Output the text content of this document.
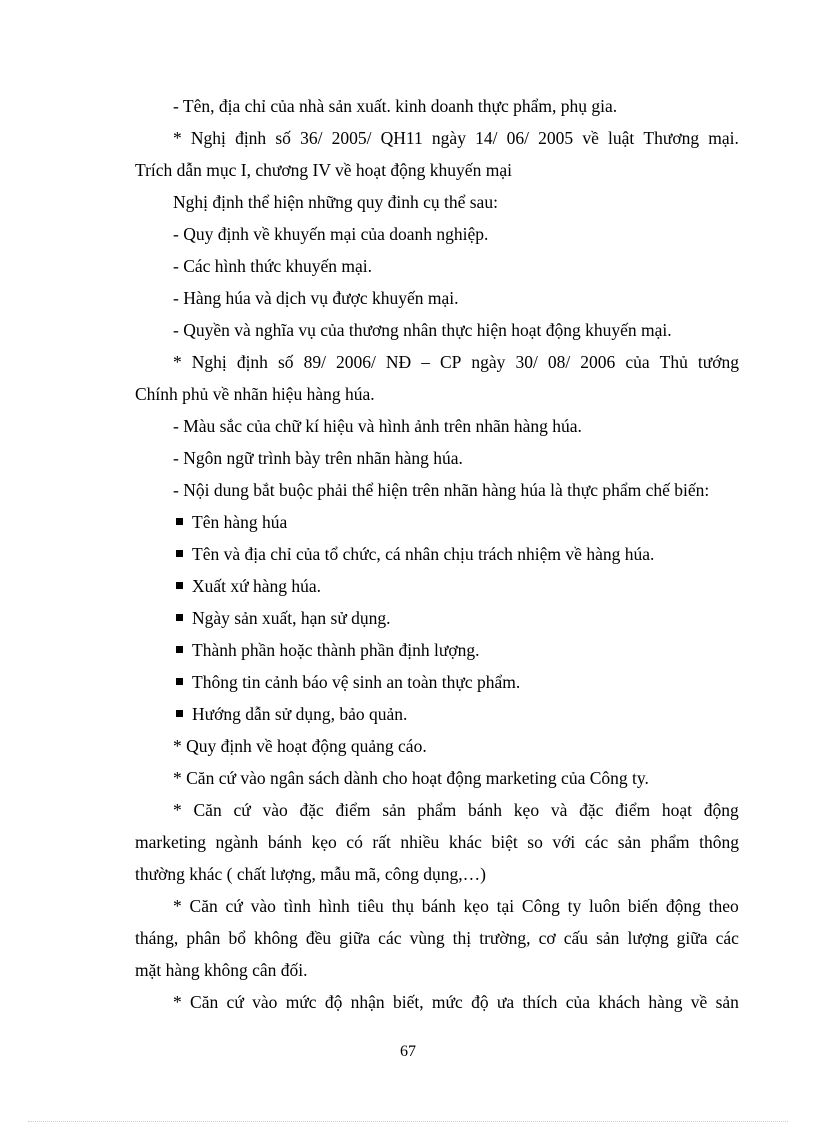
- Tên, địa chỉ của nhà sản xuất. kinh doanh thực phẩm, phụ gia.
* Nghị định số 36/ 2005/ QH11 ngày 14/ 06/ 2005 về luật Thương mại.
Trích dẫn mục I, chương IV về hoạt động khuyến mại
Nghị định thể hiện những quy đinh cụ thể sau:
- Quy định về khuyến mại của doanh nghiệp.
- Các hình thức khuyến mại.
- Hàng húa và dịch vụ được khuyến mại.
- Quyền và nghĩa vụ của thương nhân thực hiện hoạt động khuyến mại.
* Nghị định số 89/ 2006/ NĐ – CP ngày 30/ 08/ 2006 của Thủ tướng
Chính phủ về nhãn hiệu hàng húa.
- Màu sắc của chữ kí hiệu và hình ảnh trên nhãn hàng húa.
- Ngôn ngữ trình bày trên nhãn hàng húa.
- Nội dung bắt buộc phải thể hiện trên nhãn hàng húa là thực phẩm chế biến:
Tên hàng húa
Tên và địa chỉ của tổ chức, cá nhân chịu trách nhiệm về hàng húa.
Xuất xứ hàng húa.
Ngày sản xuất, hạn sử dụng.
Thành phần hoặc thành phần định lượng.
Thông tin cảnh báo vệ sinh an toàn thực phẩm.
Hướng dẫn sử dụng, bảo quản.
* Quy định về hoạt động quảng cáo.
* Căn cứ vào ngân sách dành cho hoạt động marketing của Công ty.
* Căn cứ vào đặc điểm sản phẩm bánh kẹo và đặc điểm hoạt động
marketing ngành bánh kẹo có rất nhiều khác biệt so với các sản phẩm thông
thường khác ( chất lượng, mẫu mã, công dụng,…)
* Căn cứ vào tình hình tiêu thụ bánh kẹo tại Công ty luôn biến động theo
tháng, phân bổ không đều giữa các vùng thị trường, cơ cấu sản lượng giữa các
mặt hàng không cân đối.
* Căn cứ vào mức độ nhận biết, mức độ ưa thích của khách hàng về sản
67
